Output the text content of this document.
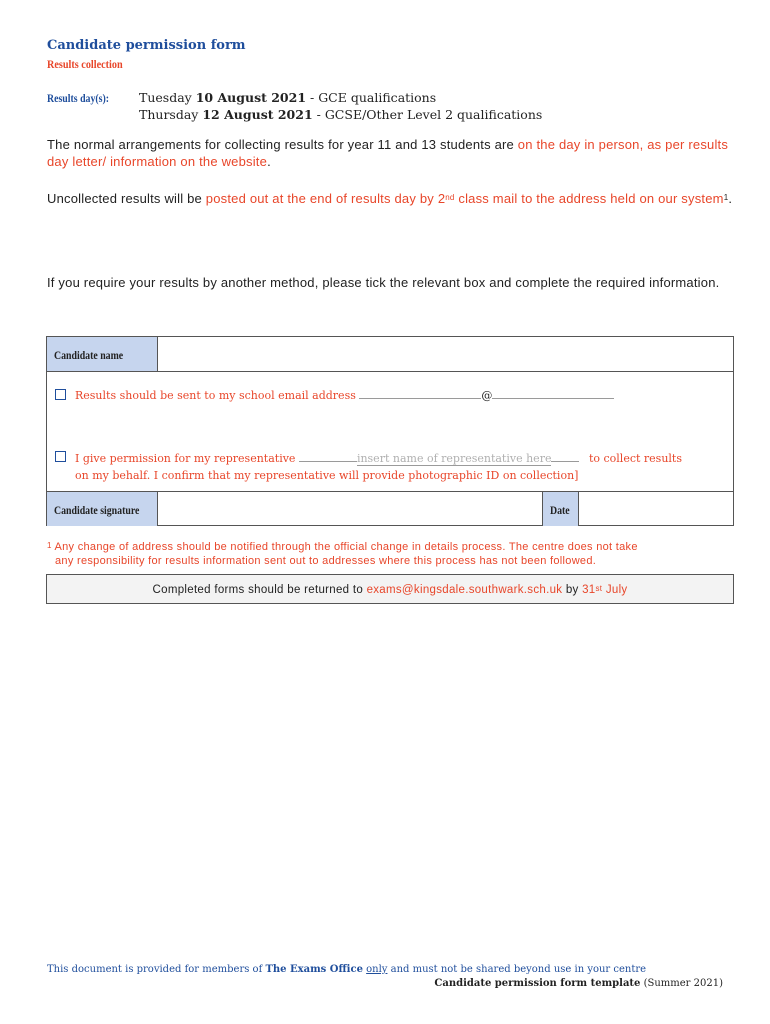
Candidate permission form
Results collection
Results day(s): Tuesday 10 August 2021 - GCE qualifications
Thursday 12 August 2021 - GCSE/Other Level 2 qualifications
The normal arrangements for collecting results for year 11 and 13 students are on the day in person, as per results day letter/ information on the website.
Uncollected results will be posted out at the end of results day by 2nd class mail to the address held on our system$^1$.
If you require your results by another method, please tick the relevant box and complete the required information.
Candidate name
Results should be sent to my school email address	@
I give permission for my representative	insert name of representative here	to collect results
on my behalf. I confirm that my representative will provide photographic ID on collection]
Candidate signature	Date
$^1$ Any change of address should be notified through the official change in details process. The centre does not take
any responsibility for results information sent out to addresses where this process has not been followed.
Completed forms should be returned to exams@kingsdale.southwark.sch.uk by 31st July
This document is provided for members of The Exams Office only and must not be shared beyond use in your centre
Candidate permission form template (Summer 2021)
